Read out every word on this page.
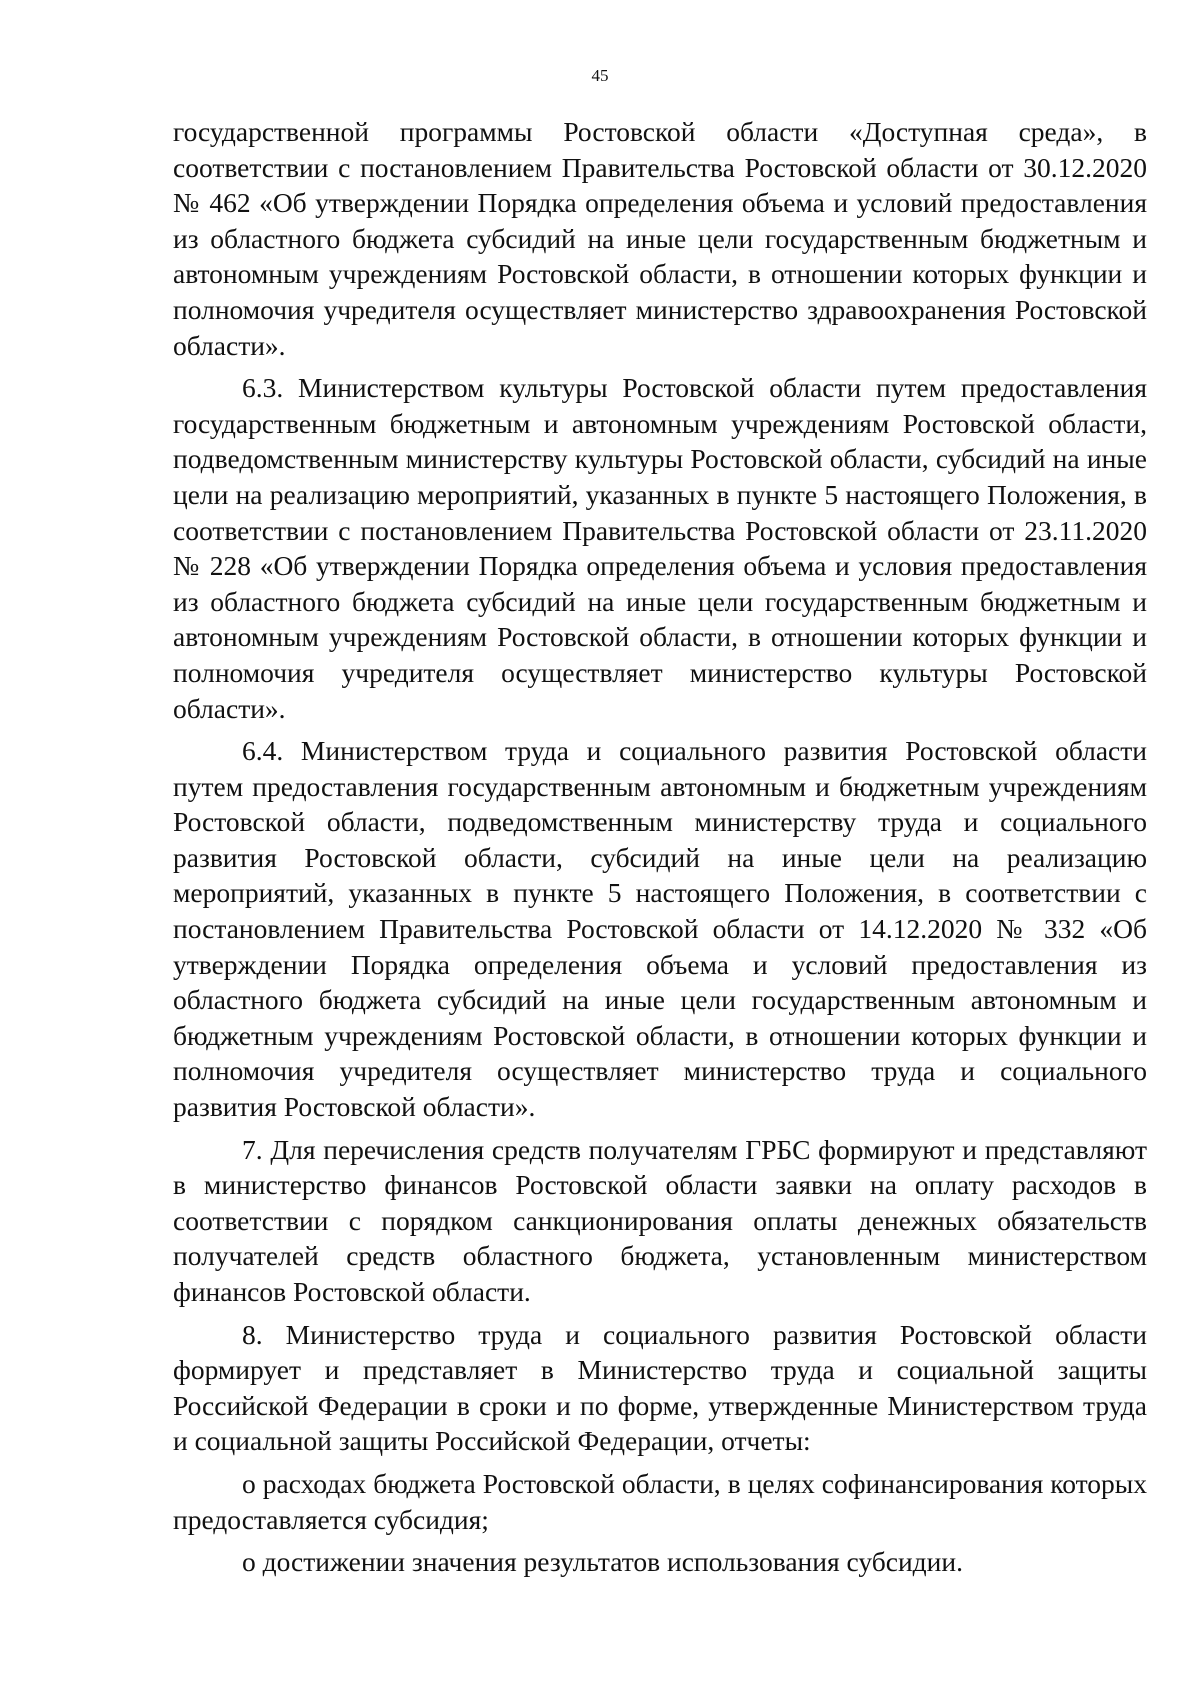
45

государственной программы Ростовской области «Доступная среда», в соответствии с постановлением Правительства Ростовской области от 30.12.2020 № 462 «Об утверждении Порядка определения объема и условий предоставления из областного бюджета субсидий на иные цели государственным бюджетным и автономным учреждениям Ростовской области, в отношении которых функции и полномочия учредителя осуществляет министерство здравоохранения Ростовской области».

6.3. Министерством культуры Ростовской области путем предоставления государственным бюджетным и автономным учреждениям Ростовской области, подведомственным министерству культуры Ростовской области, субсидий на иные цели на реализацию мероприятий, указанных в пункте 5 настоящего Положения, в соответствии с постановлением Правительства Ростовской области от 23.11.2020 № 228 «Об утверждении Порядка определения объема и условия предоставления из областного бюджета субсидий на иные цели государственным бюджетным и автономным учреждениям Ростовской области, в отношении которых функции и полномочия учредителя осуществляет министерство культуры Ростовской области».

6.4. Министерством труда и социального развития Ростовской области путем предоставления государственным автономным и бюджетным учреждениям Ростовской области, подведомственным министерству труда и социального развития Ростовской области, субсидий на иные цели на реализацию мероприятий, указанных в пункте 5 настоящего Положения, в соответствии с постановлением Правительства Ростовской области от 14.12.2020 № 332 «Об утверждении Порядка определения объема и условий предоставления из областного бюджета субсидий на иные цели государственным автономным и бюджетным учреждениям Ростовской области, в отношении которых функции и полномочия учредителя осуществляет министерство труда и социального развития Ростовской области».

7. Для перечисления средств получателям ГРБС формируют и представляют в министерство финансов Ростовской области заявки на оплату расходов в соответствии с порядком санкционирования оплаты денежных обязательств получателей средств областного бюджета, установленным министерством финансов Ростовской области.

8. Министерство труда и социального развития Ростовской области формирует и представляет в Министерство труда и социальной защиты Российской Федерации в сроки и по форме, утвержденные Министерством труда и социальной защиты Российской Федерации, отчеты:

о расходах бюджета Ростовской области, в целях софинансирования которых предоставляется субсидия;

о достижении значения результатов использования субсидии.
